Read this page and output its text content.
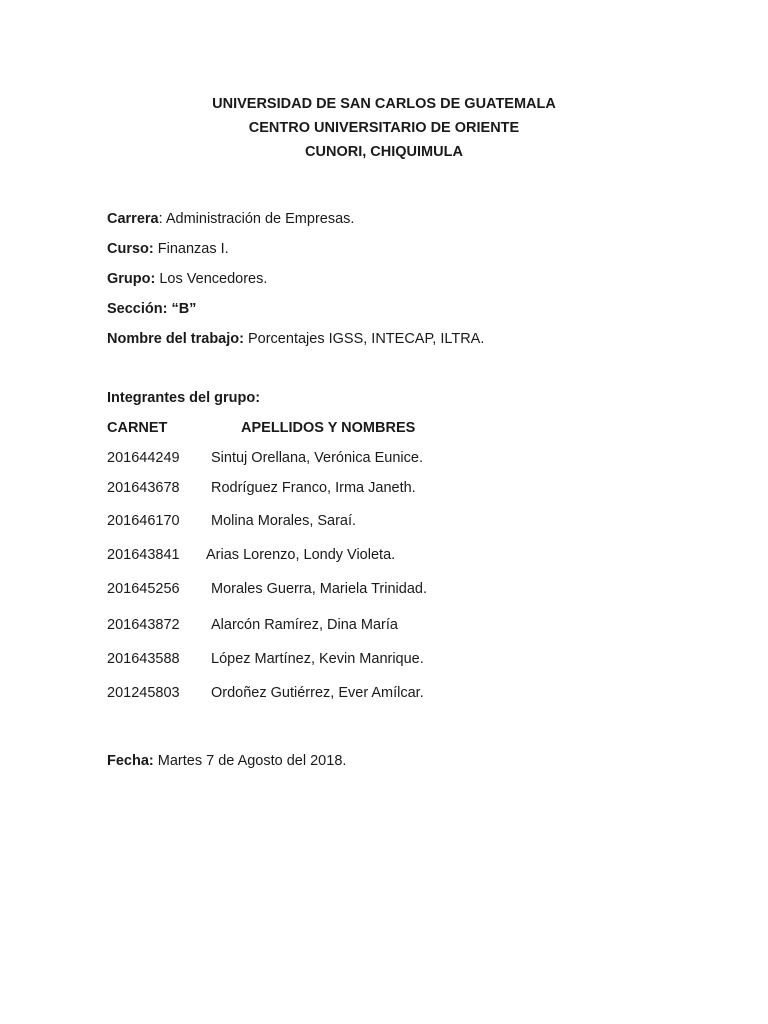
UNIVERSIDAD DE SAN CARLOS DE GUATEMALA
CENTRO UNIVERSITARIO DE ORIENTE
CUNORI, CHIQUIMULA
Carrera: Administración de Empresas.
Curso: Finanzas I.
Grupo: Los Vencedores.
Sección: “B”
Nombre del trabajo: Porcentajes IGSS, INTECAP, ILTRA.
Integrantes del grupo:
CARNET	APELLIDOS Y NOMBRES
201644249 Sintuj Orellana, Verónica Eunice.
201643678 Rodríguez Franco, Irma Janeth.
201646170 Molina Morales, Saraí.
201643841 Arias Lorenzo, Londy Violeta.
201645256 Morales Guerra, Mariela Trinidad.
201643872 Alarcón Ramírez, Dina María
201643588 López Martínez, Kevin Manrique.
201245803 Ordoñez Gutiérrez, Ever Amílcar.
Fecha: Martes 7 de Agosto del 2018.
